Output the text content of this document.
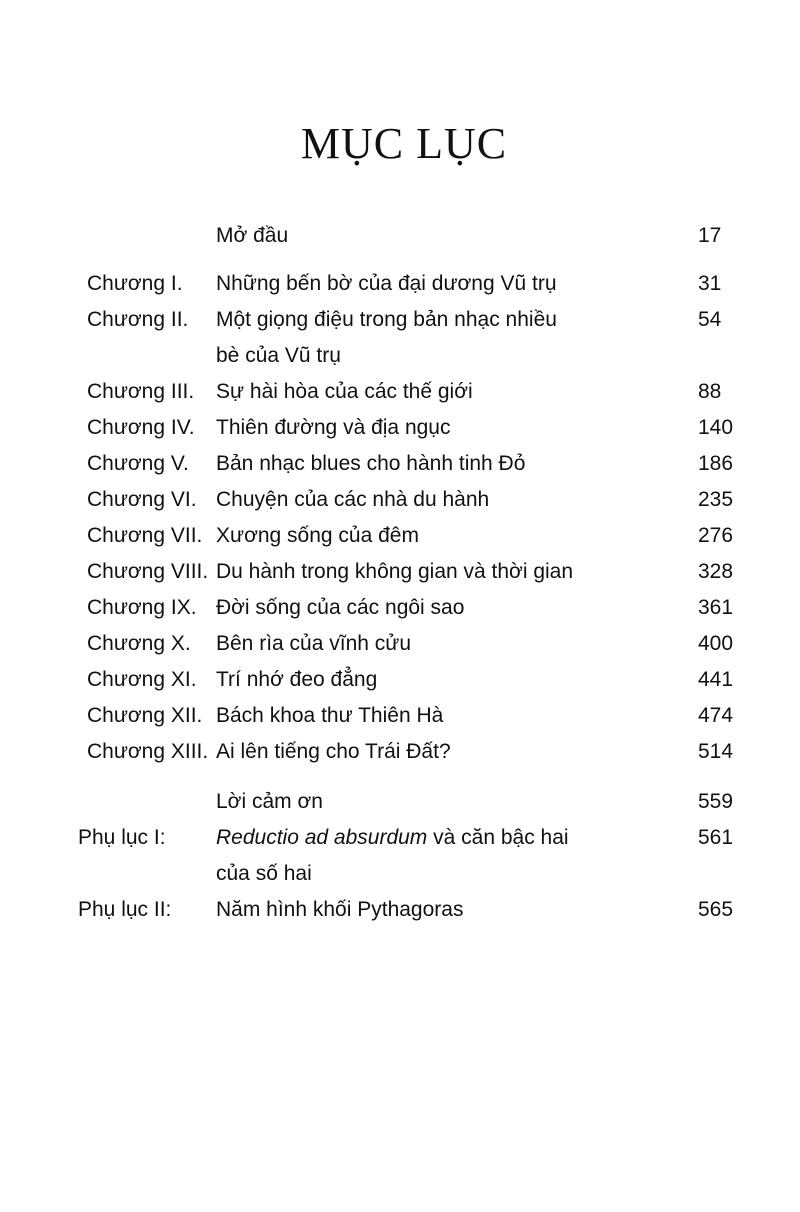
MỤC LỤC
Mở đầu	17
Chương I. Những bến bờ của đại dương Vũ trụ	31
Chương II. Một giọng điệu trong bản nhạc nhiều	54
bè của Vũ trụ
Chương III. Sự hài hòa của các thế giới	88
Chương IV. Thiên đường và địa ngục	140
Chương V. Bản nhạc blues cho hành tinh Đỏ	186
Chương VI. Chuyện của các nhà du hành	235
Chương VII. Xương sống của đêm	276
Chương VIII. Du hành trong không gian và thời gian	328
Chương IX. Đời sống của các ngôi sao	361
Chương X. Bên rìa của vĩnh cửu	400
Chương XI. Trí nhớ đeo đẳng	441
Chương XII. Bách khoa thư Thiên Hà	474
Chương XIII. Ai lên tiếng cho Trái Đất?	514
Lời cảm ơn	559
Phụ lục I: Reductio ad absurdum và căn bậc hai	561
của số hai
Phụ lục II: Năm hình khối Pythagoras	565
